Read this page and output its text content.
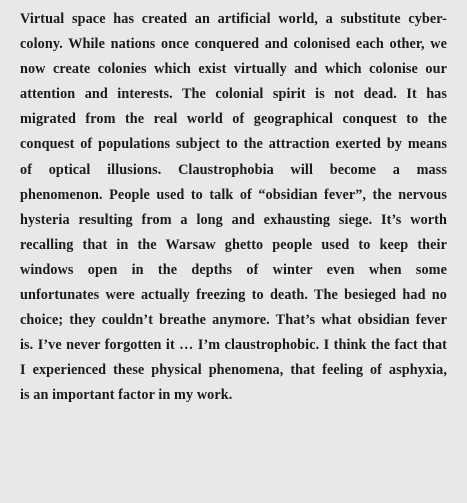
Virtual space has created an artificial world, a substitute cyber-
colony. While nations once conquered and colonised each other, we
now create colonies which exist virtually and which colonise our
attention and interests. The colonial spirit is not dead. It has
migrated from the real world of geographical conquest to the
conquest of populations subject to the attraction exerted by means
of optical illusions. Claustrophobia will become a mass
phenomenon. People used to talk of “obsidian fever”, the nervous
hysteria resulting from a long and exhausting siege. It’s worth
recalling that in the Warsaw ghetto people used to keep their
windows open in the depths of winter even when some
unfortunates were actually freezing to death. The besieged had no
choice; they couldn’t breathe anymore. That’s what obsidian fever
is. I’ve never forgotten it … I’m claustrophobic. I think the fact that
I experienced these physical phenomena, that feeling of asphyxia,
is an important factor in my work.
